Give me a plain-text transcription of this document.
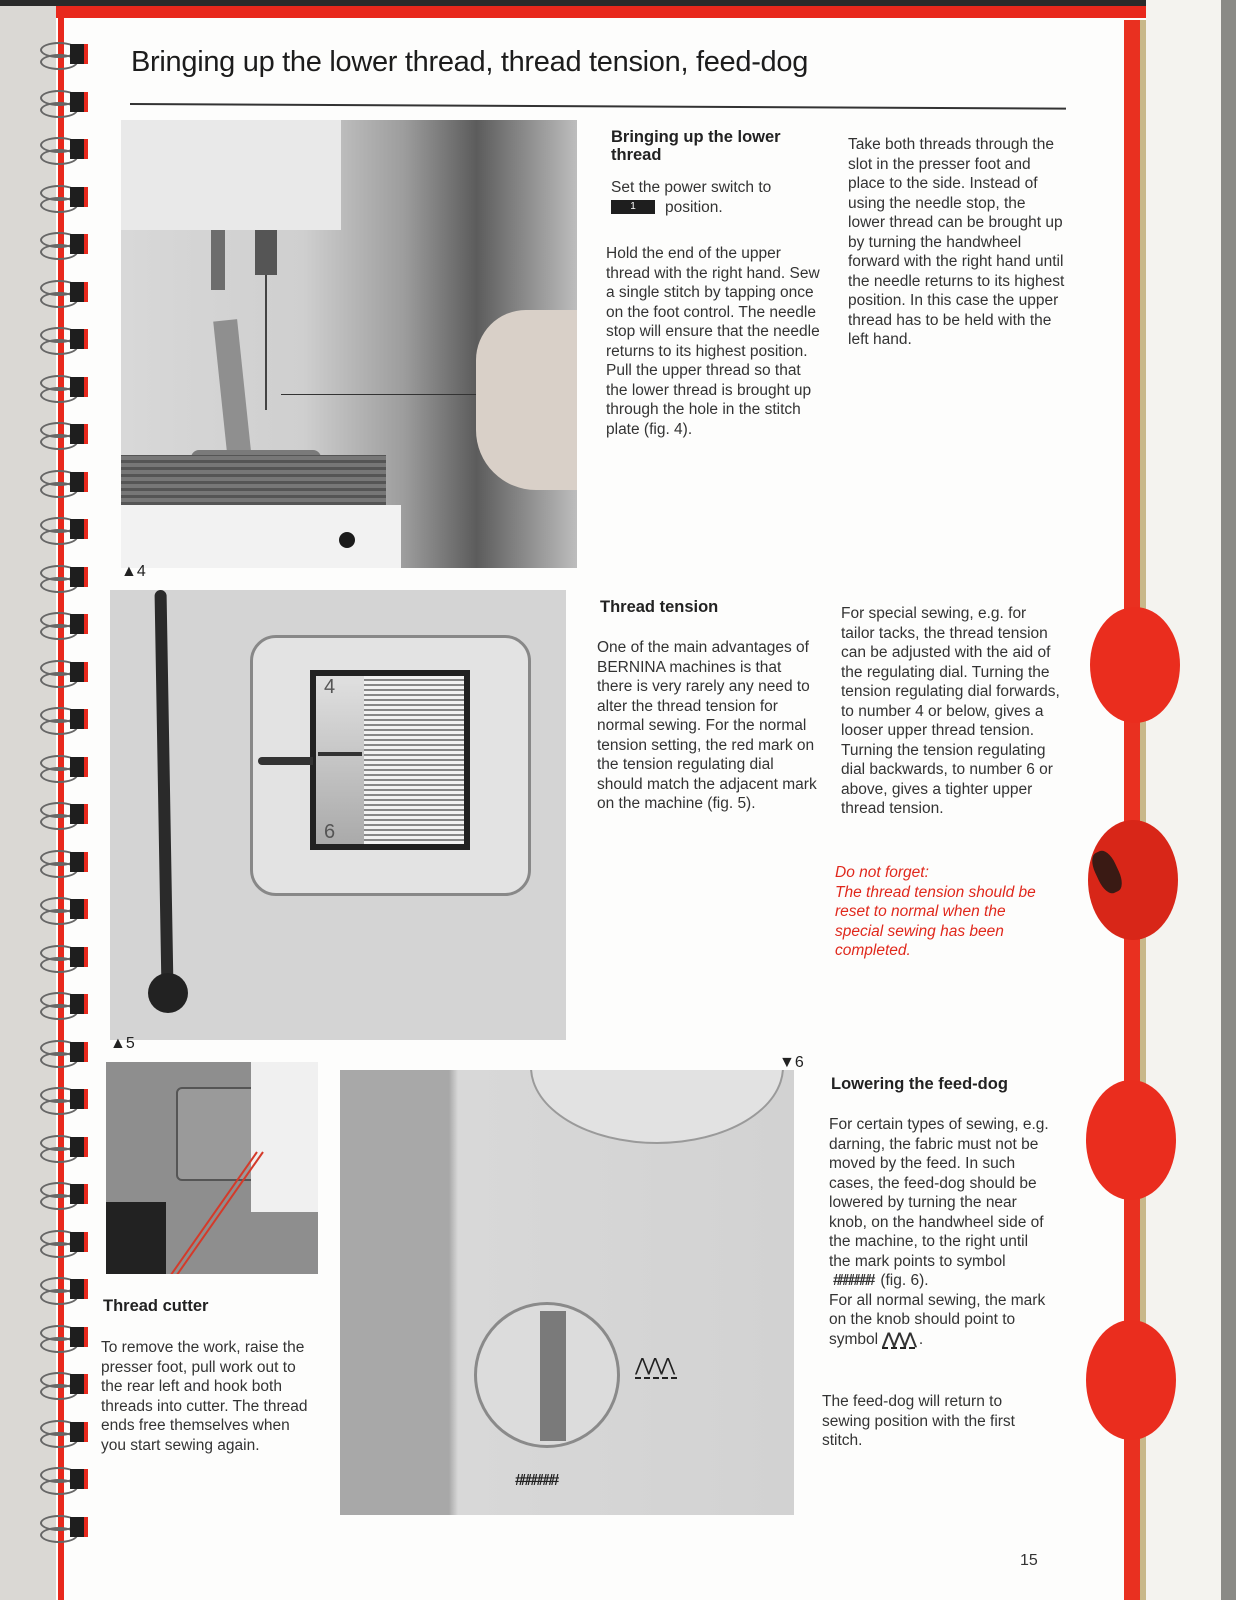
Bringing up the lower thread, thread tension, feed-dog
▲4
Bringing up the lower thread
Set the power switch to
1 position.
Hold the end of the upper thread with the right hand. Sew a single stitch by tapping once on the foot control. The needle stop will ensure that the needle returns to its highest position. Pull the upper thread so that the lower thread is brought up through the hole in the stitch plate (fig. 4).
Take both threads through the slot in the presser foot and place to the side. Instead of using the needle stop, the lower thread can be brought up by turning the handwheel forward with the right hand until the needle returns to its highest position. In this case the upper thread has to be held with the left hand.
4
6
▲5
Thread tension
One of the main advantages of BERNINA machines is that there is very rarely any need to alter the thread tension for normal sewing. For the normal tension setting, the red mark on the tension regulating dial should match the adjacent mark on the machine (fig. 5).
For special sewing, e.g. for tailor tacks, the thread tension can be adjusted with the aid of the regulating dial. Turning the tension regulating dial forwards, to number 4 or below, gives a looser upper thread tension. Turning the tension regulating dial backwards, to number 6 or above, gives a tighter upper thread tension.
Do not forget:
The thread tension should be reset to normal when the special sewing has been completed.
Thread cutter
To remove the work, raise the presser foot, pull work out to the rear left and hook both threads into cutter. The thread ends free themselves when you start sewing again.
⋀⋀⋀
#######
▼6
Lowering the feed-dog
For certain types of sewing, e.g. darning, the fabric must not be moved by the feed. In such cases, the feed-dog should be lowered by turning the near knob, on the handwheel side of the machine, to the right until the mark points to symbol ####### (fig. 6).
For all normal sewing, the mark on the knob should point to symbol ⋀⋀⋀ .
The feed-dog will return to sewing position with the first stitch.
15
